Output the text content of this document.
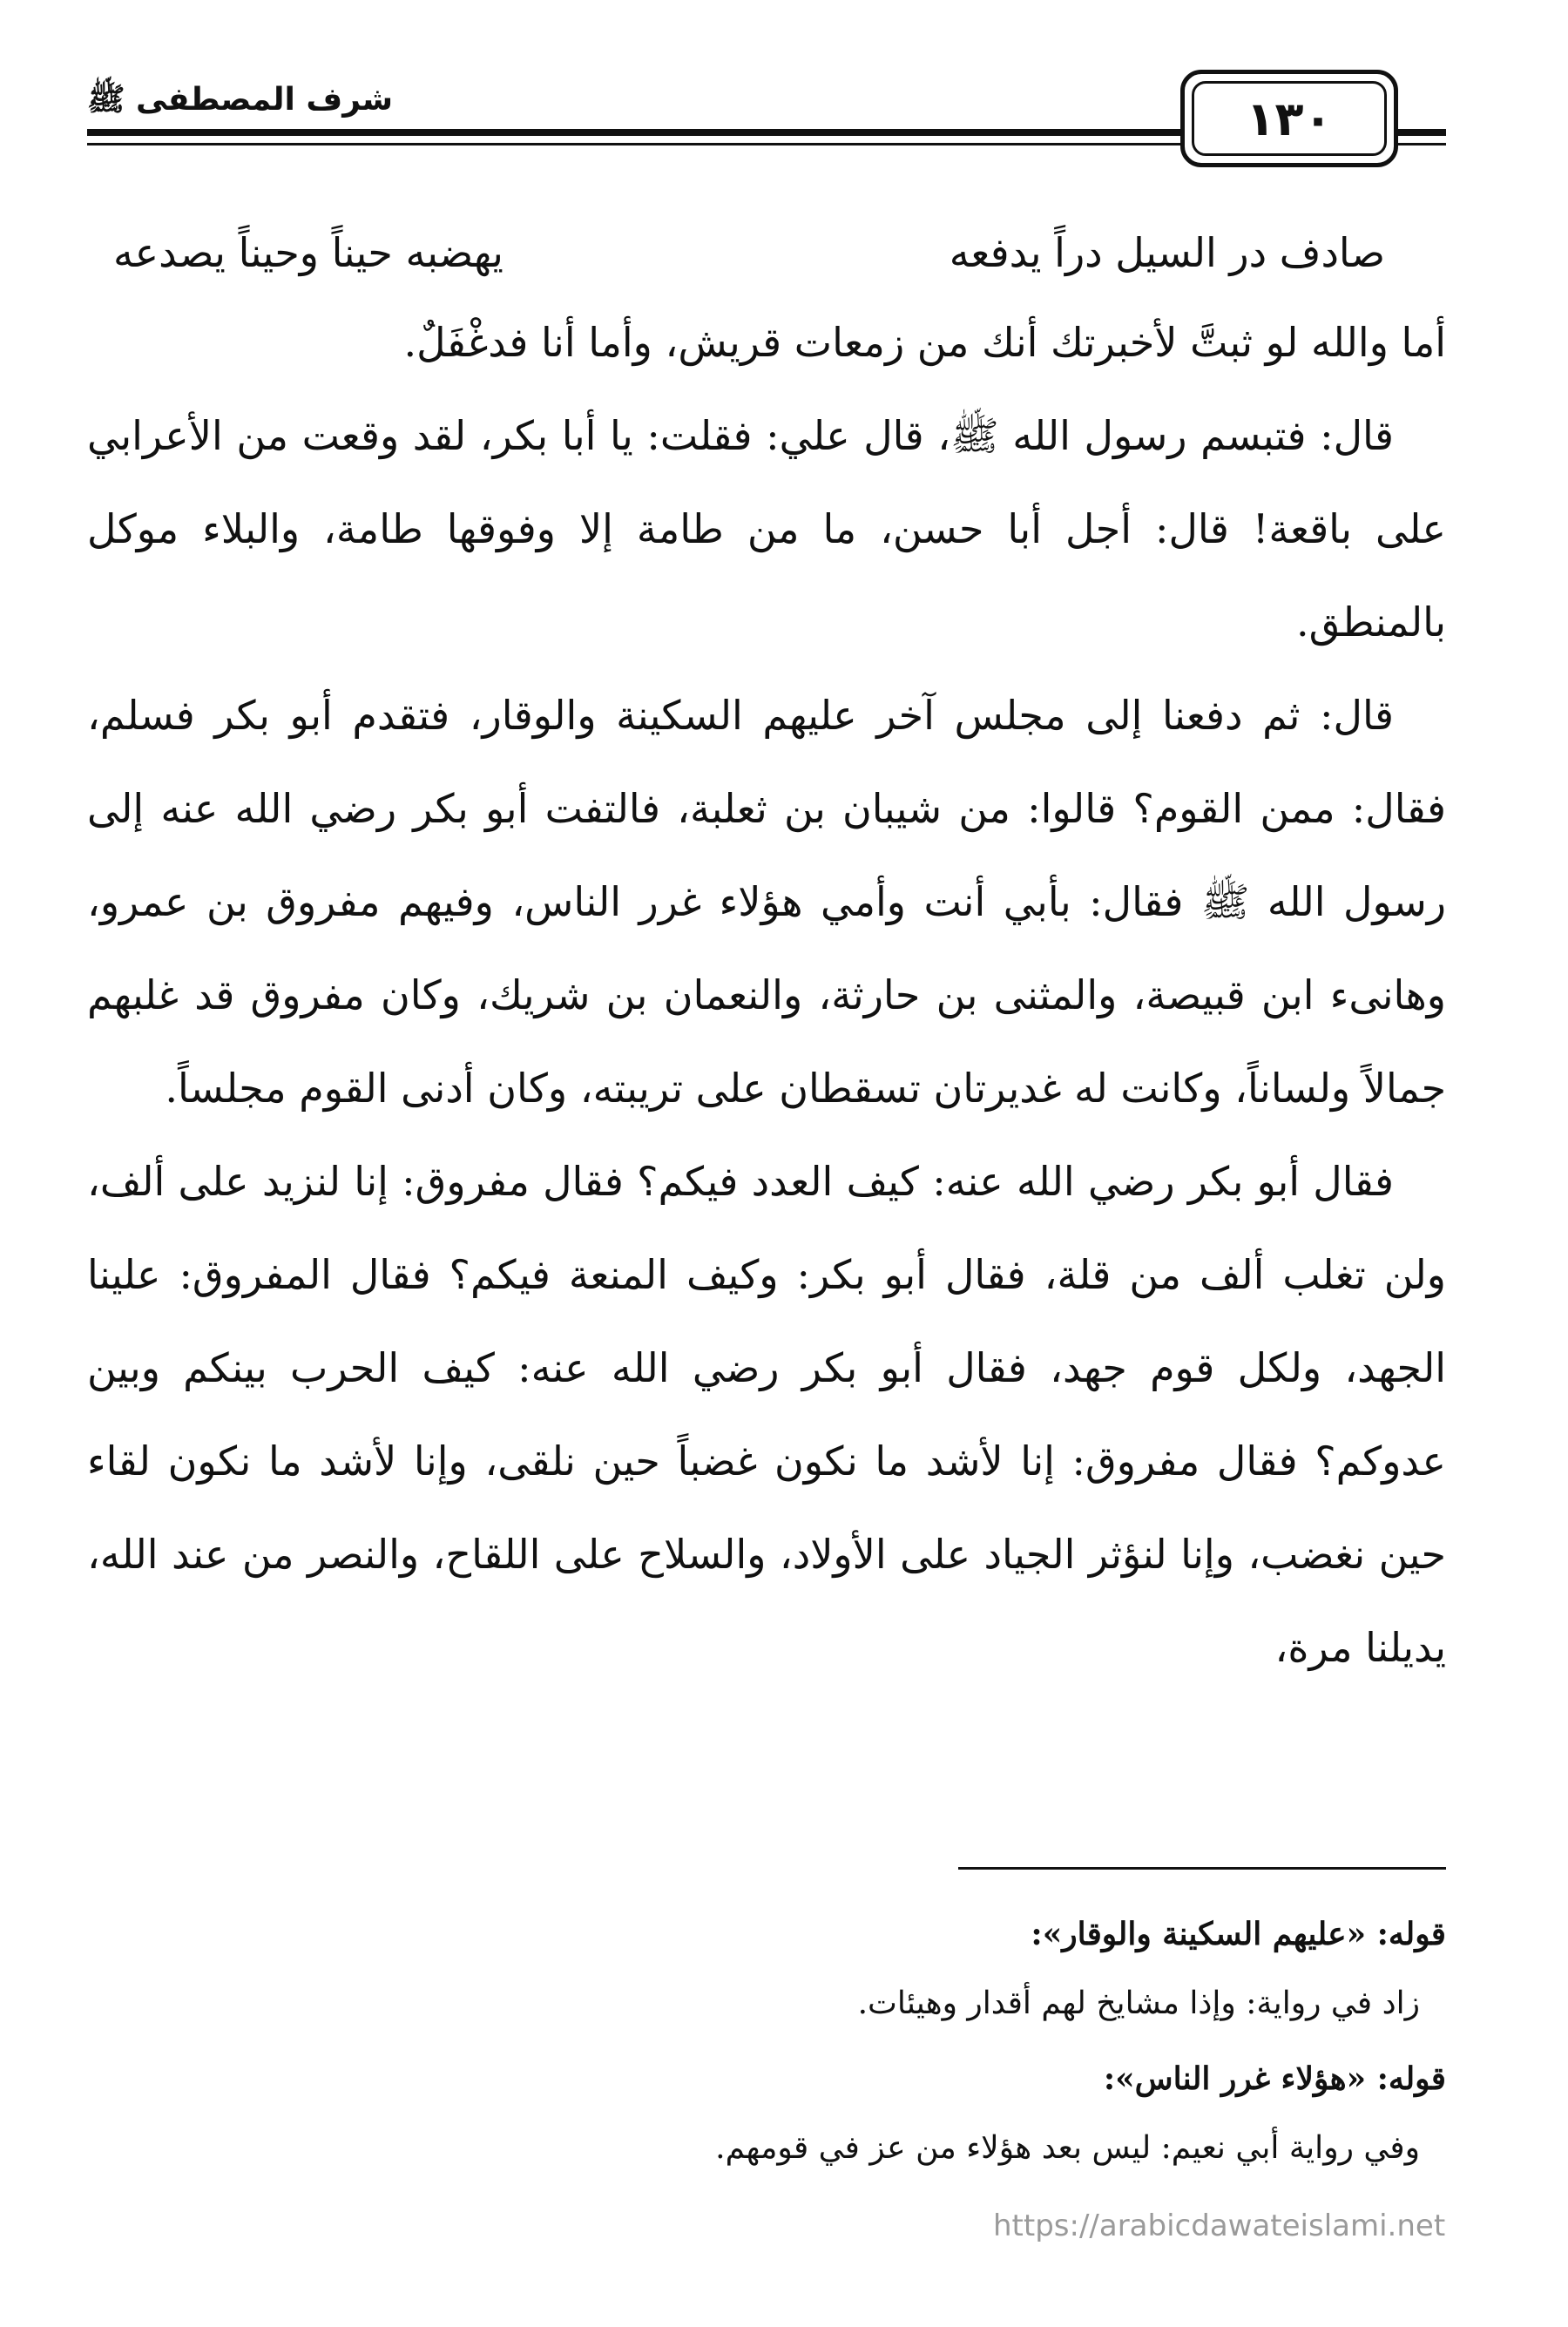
شرف المصطفى ﷺ	١٣٠
صادف در السيل دراً يدفعه
يهضبه حيناً وحيناً يصدعه

أما والله لو ثبتَّ لأخبرتك أنك من زمعات قريش، وأما أنا فدغْفَلٌ.

قال: فتبسم رسول الله ﷺ، قال علي: فقلت: يا أبا بكر، لقد وقعت من الأعرابي على باقعة! قال: أجل أبا حسن، ما من طامة إلا وفوقها طامة، والبلاء موكل بالمنطق.

قال: ثم دفعنا إلى مجلس آخر عليهم السكينة والوقار، فتقدم أبو بكر فسلم، فقال: ممن القوم؟ قالوا: من شيبان بن ثعلبة، فالتفت أبو بكر رضي الله عنه إلى رسول الله ﷺ فقال: بأبي أنت وأمي هؤلاء غرر الناس، وفيهم مفروق بن عمرو، وهانىء ابن قبيصة، والمثنى بن حارثة، والنعمان بن شريك، وكان مفروق قد غلبهم جمالاً ولساناً، وكانت له غديرتان تسقطان على تريبته، وكان أدنى القوم مجلساً.

فقال أبو بكر رضي الله عنه: كيف العدد فيكم؟ فقال مفروق: إنا لنزيد على ألف، ولن تغلب ألف من قلة، فقال أبو بكر: وكيف المنعة فيكم؟ فقال المفروق: علينا الجهد، ولكل قوم جهد، فقال أبو بكر رضي الله عنه: كيف الحرب بينكم وبين عدوكم؟ فقال مفروق: إنا لأشد ما نكون غضباً حين نلقى، وإنا لأشد ما نكون لقاء حين نغضب، وإنا لنؤثر الجياد على الأولاد، والسلاح على اللقاح، والنصر من عند الله، يديلنا مرة،

قوله: «عليهم السكينة والوقار»:

زاد في رواية: وإذا مشايخ لهم أقدار وهيئات.

قوله: «هؤلاء غرر الناس»:

وفي رواية أبي نعيم: ليس بعد هؤلاء من عز في قومهم.

https://arabicdawateislami.net
